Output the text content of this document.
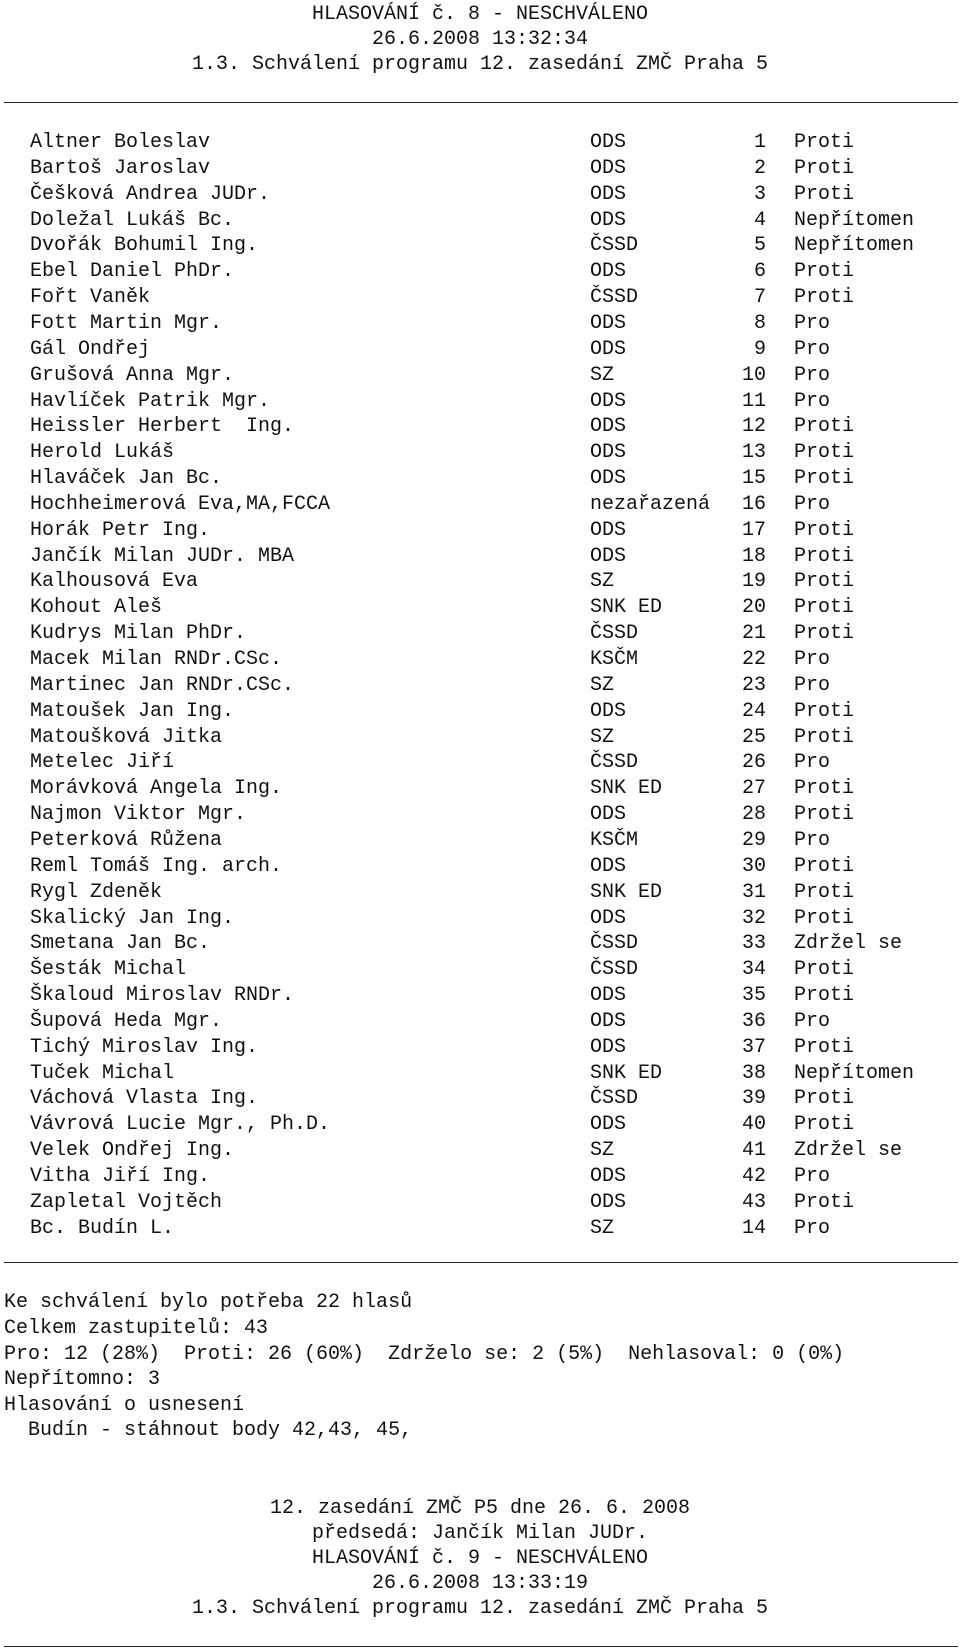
HLASOVÁNÍ č. 8 - NESCHVÁLENO
26.6.2008 13:32:34
1.3. Schválení programu 12. zasedání ZMČ Praha 5
Altner Boleslav	ODS	1 Proti
Bartoš Jaroslav	ODS	2 Proti
Češková Andrea JUDr.	ODS	3 Proti
Doležal Lukáš Bc.	ODS	4 Nepřítomen
Dvořák Bohumil Ing.	ČSSD	5 Nepřítomen
Ebel Daniel PhDr.	ODS	6 Proti
Fořt Vaněk	ČSSD	7 Proti
Fott Martin Mgr.	ODS	8 Pro
Gál Ondřej	ODS	9 Pro
Grušová Anna Mgr.	SZ	10 Pro
Havlíček Patrik Mgr.	ODS	11 Pro
Heissler Herbert  Ing.	ODS	12 Proti
Herold Lukáš	ODS	13 Proti
Hlaváček Jan Bc.	ODS	15 Proti
Hochheimerová Eva,MA,FCCA	nezařazená	16 Pro
Horák Petr Ing.	ODS	17 Proti
Jančík Milan JUDr. MBA	ODS	18 Proti
Kalhousová Eva	SZ	19 Proti
Kohout Aleš	SNK ED	20 Proti
Kudrys Milan PhDr.	ČSSD	21 Proti
Macek Milan RNDr.CSc.	KSČM	22 Pro
Martinec Jan RNDr.CSc.	SZ	23 Pro
Matoušek Jan Ing.	ODS	24 Proti
Matoušková Jitka	SZ	25 Proti
Metelec Jiří	ČSSD	26 Pro
Morávková Angela Ing.	SNK ED	27 Proti
Najmon Viktor Mgr.	ODS	28 Proti
Peterková Růžena	KSČM	29 Pro
Reml Tomáš Ing. arch.	ODS	30 Proti
Rygl Zdeněk	SNK ED	31 Proti
Skalický Jan Ing.	ODS	32 Proti
Smetana Jan Bc.	ČSSD	33 Zdržel se
Šesták Michal	ČSSD	34 Proti
Škaloud Miroslav RNDr.	ODS	35 Proti
Šupová Heda Mgr.	ODS	36 Pro
Tichý Miroslav Ing.	ODS	37 Proti
Tuček Michal	SNK ED	38 Nepřítomen
Váchová Vlasta Ing.	ČSSD	39 Proti
Vávrová Lucie Mgr., Ph.D.	ODS	40 Proti
Velek Ondřej Ing.	SZ	41 Zdržel se
Vitha Jiří Ing.	ODS	42 Pro
Zapletal Vojtěch	ODS	43 Proti
Bc. Budín L.	SZ	14 Pro
Ke schválení bylo potřeba 22 hlasů
Celkem zastupitelů: 43
Pro: 12 (28%)  Proti: 26 (60%)  Zdrželo se: 2 (5%)  Nehlasoval: 0 (0%)
Nepřítomno: 3
Hlasování o usnesení
Budín - stáhnout body 42,43, 45,
12. zasedání ZMČ P5 dne 26. 6. 2008
předsedá: Jančík Milan JUDr.
HLASOVÁNÍ č. 9 - NESCHVÁLENO
26.6.2008 13:33:19
1.3. Schválení programu 12. zasedání ZMČ Praha 5
